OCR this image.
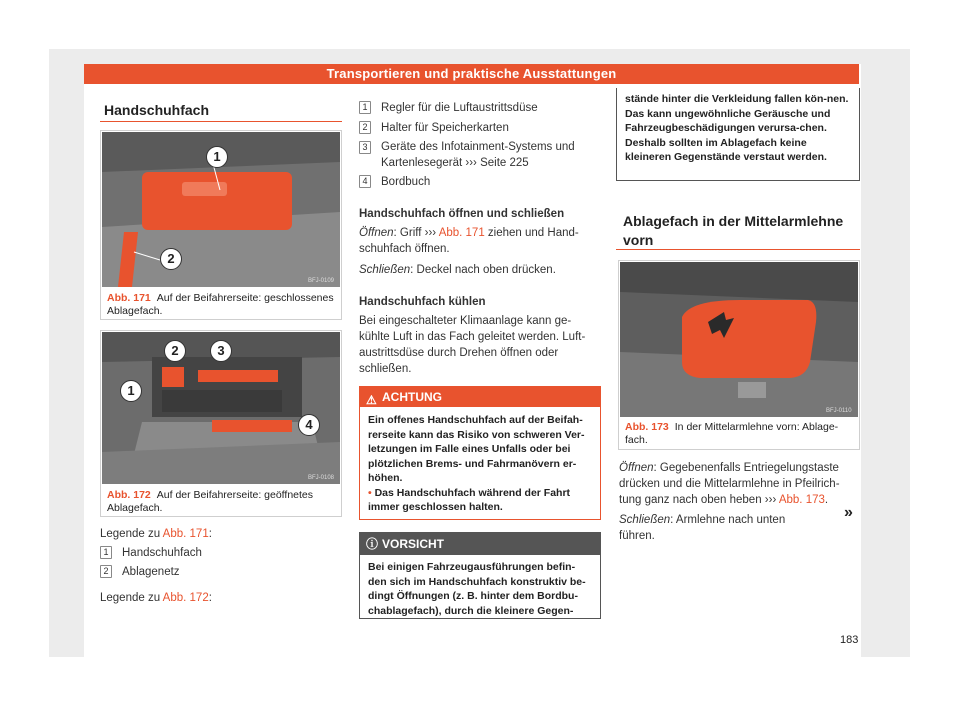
Transportieren und praktische Ausstattungen
Handschuhfach
1
2
BFJ-0109
Abb. 171 Auf der Beifahrerseite: geschlossenes Ablagefach.
2	3
1
4
BFJ-0108
Abb. 172 Auf der Beifahrerseite: geöffnetes Ablagefach.
Legende zu Abb. 171:
1 Handschuhfach
2 Ablagenetz
Legende zu Abb. 172:
1 Regler für die Luftaustrittsdüse
2 Halter für Speicherkarten
3	Geräte des Infotainment-Systems und Kartenlesegerät ››› Seite 225
4 Bordbuch
Handschuhfach öffnen und schließen
Öffnen: Griff ››› Abb. 171 ziehen und Hand-schuhfach öffnen.
Schließen: Deckel nach oben drücken.
Handschuhfach kühlen
Bei eingeschalteter Klimaanlage kann ge-kühlte Luft in das Fach geleitet werden. Luft-austrittsdüse durch Drehen öffnen oder schließen.
⚠ ACHTUNG
Ein offenes Handschuhfach auf der Beifah-rerseite kann das Risiko von schweren Ver-letzungen im Falle eines Unfalls oder bei plötzlichen Brems- und Fahrmanövern er-höhen.
• Das Handschuhfach während der Fahrt immer geschlossen halten.
ⓘ VORSICHT
Bei einigen Fahrzeugausführungen befin-den sich im Handschuhfach konstruktiv be-dingt Öffnungen (z. B. hinter dem Bordbu-chablagefach), durch die kleinere Gegen-
stände hinter die Verkleidung fallen kön-nen. Das kann ungewöhnliche Geräusche und Fahrzeugbeschädigungen verursa-chen. Deshalb sollten im Ablagefach keine kleineren Gegenstände verstaut werden.
Ablagefach in der Mittelarmlehne vorn
BFJ-0110
Abb. 173 In der Mittelarmlehne vorn: Ablage-fach.
Öffnen: Gegebenenfalls Entriegelungstaste drücken und die Mittelarmlehne in Pfeilrich-tung ganz nach oben heben ››› Abb. 173.
Schließen: Armlehne nach unten führen.
»
183
